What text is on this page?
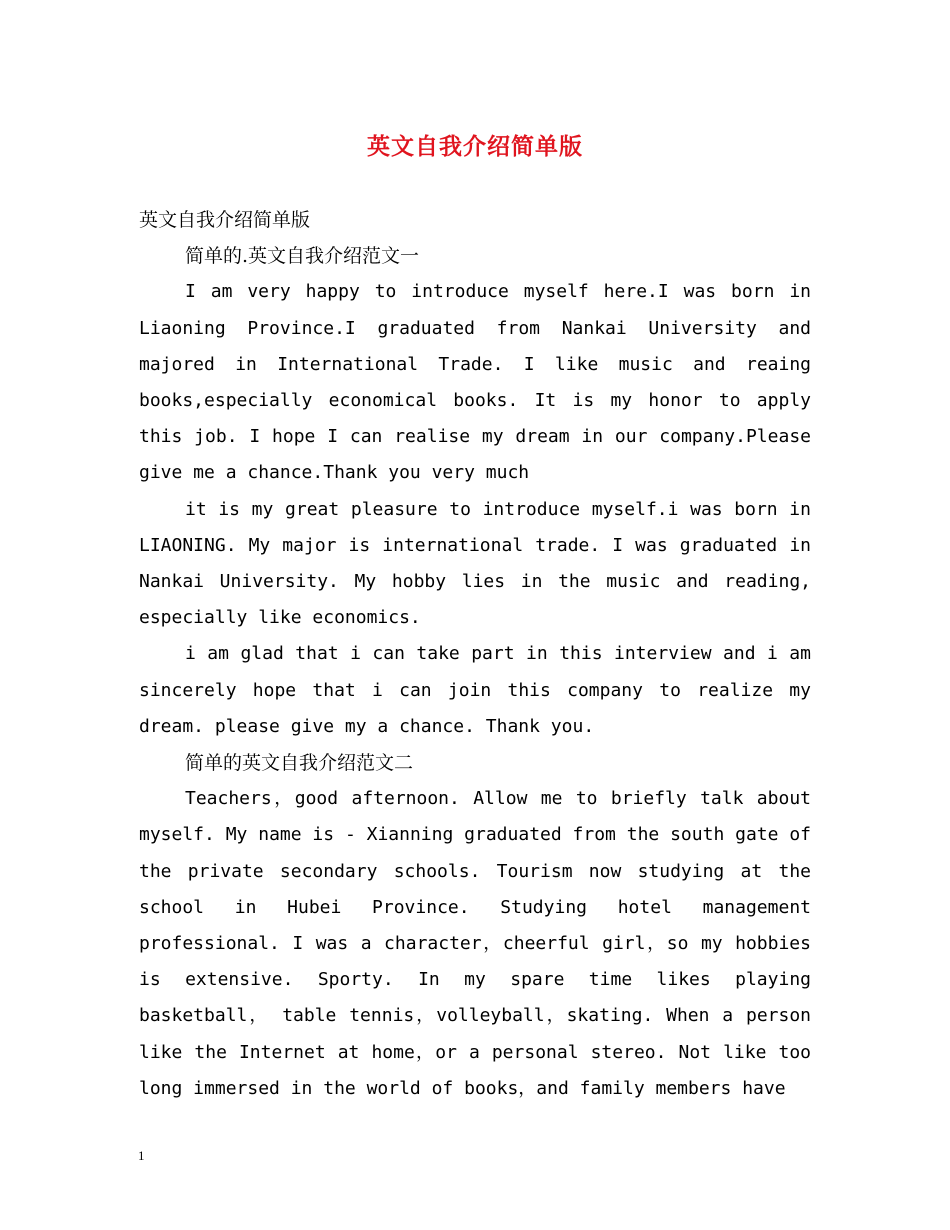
英文自我介绍简单版

英文自我介绍简单版

简单的.英文自我介绍范文一

I am very happy to introduce myself here.I was born in Liaoning Province.I graduated from Nankai University and majored in International Trade. I like music and reaing books,especially economical books. It is my honor to apply this job. I hope I can realise my dream in our company.Please give me a chance.Thank you very much

it is my great pleasure to introduce myself.i was born in LIAONING. My major is international trade. I was graduated in Nankai University. My hobby lies in the music and reading, especially like economics.

i am glad that i can take part in this interview and i am sincerely hope that i can join this company to realize my dream. please give my a chance. Thank you.

简单的英文自我介绍范文二

Teachers，good afternoon. Allow me to briefly talk about myself. My name is - Xianning graduated from the south gate of the private secondary schools. Tourism now studying at the school in Hubei Province. Studying hotel management professional. I was a character，cheerful girl，so my hobbies is extensive. Sporty. In my spare time likes playing basketball， table tennis，volleyball，skating. When a person like the Internet at home，or a personal stereo. Not like too long immersed in the world of books，and family members have

1
